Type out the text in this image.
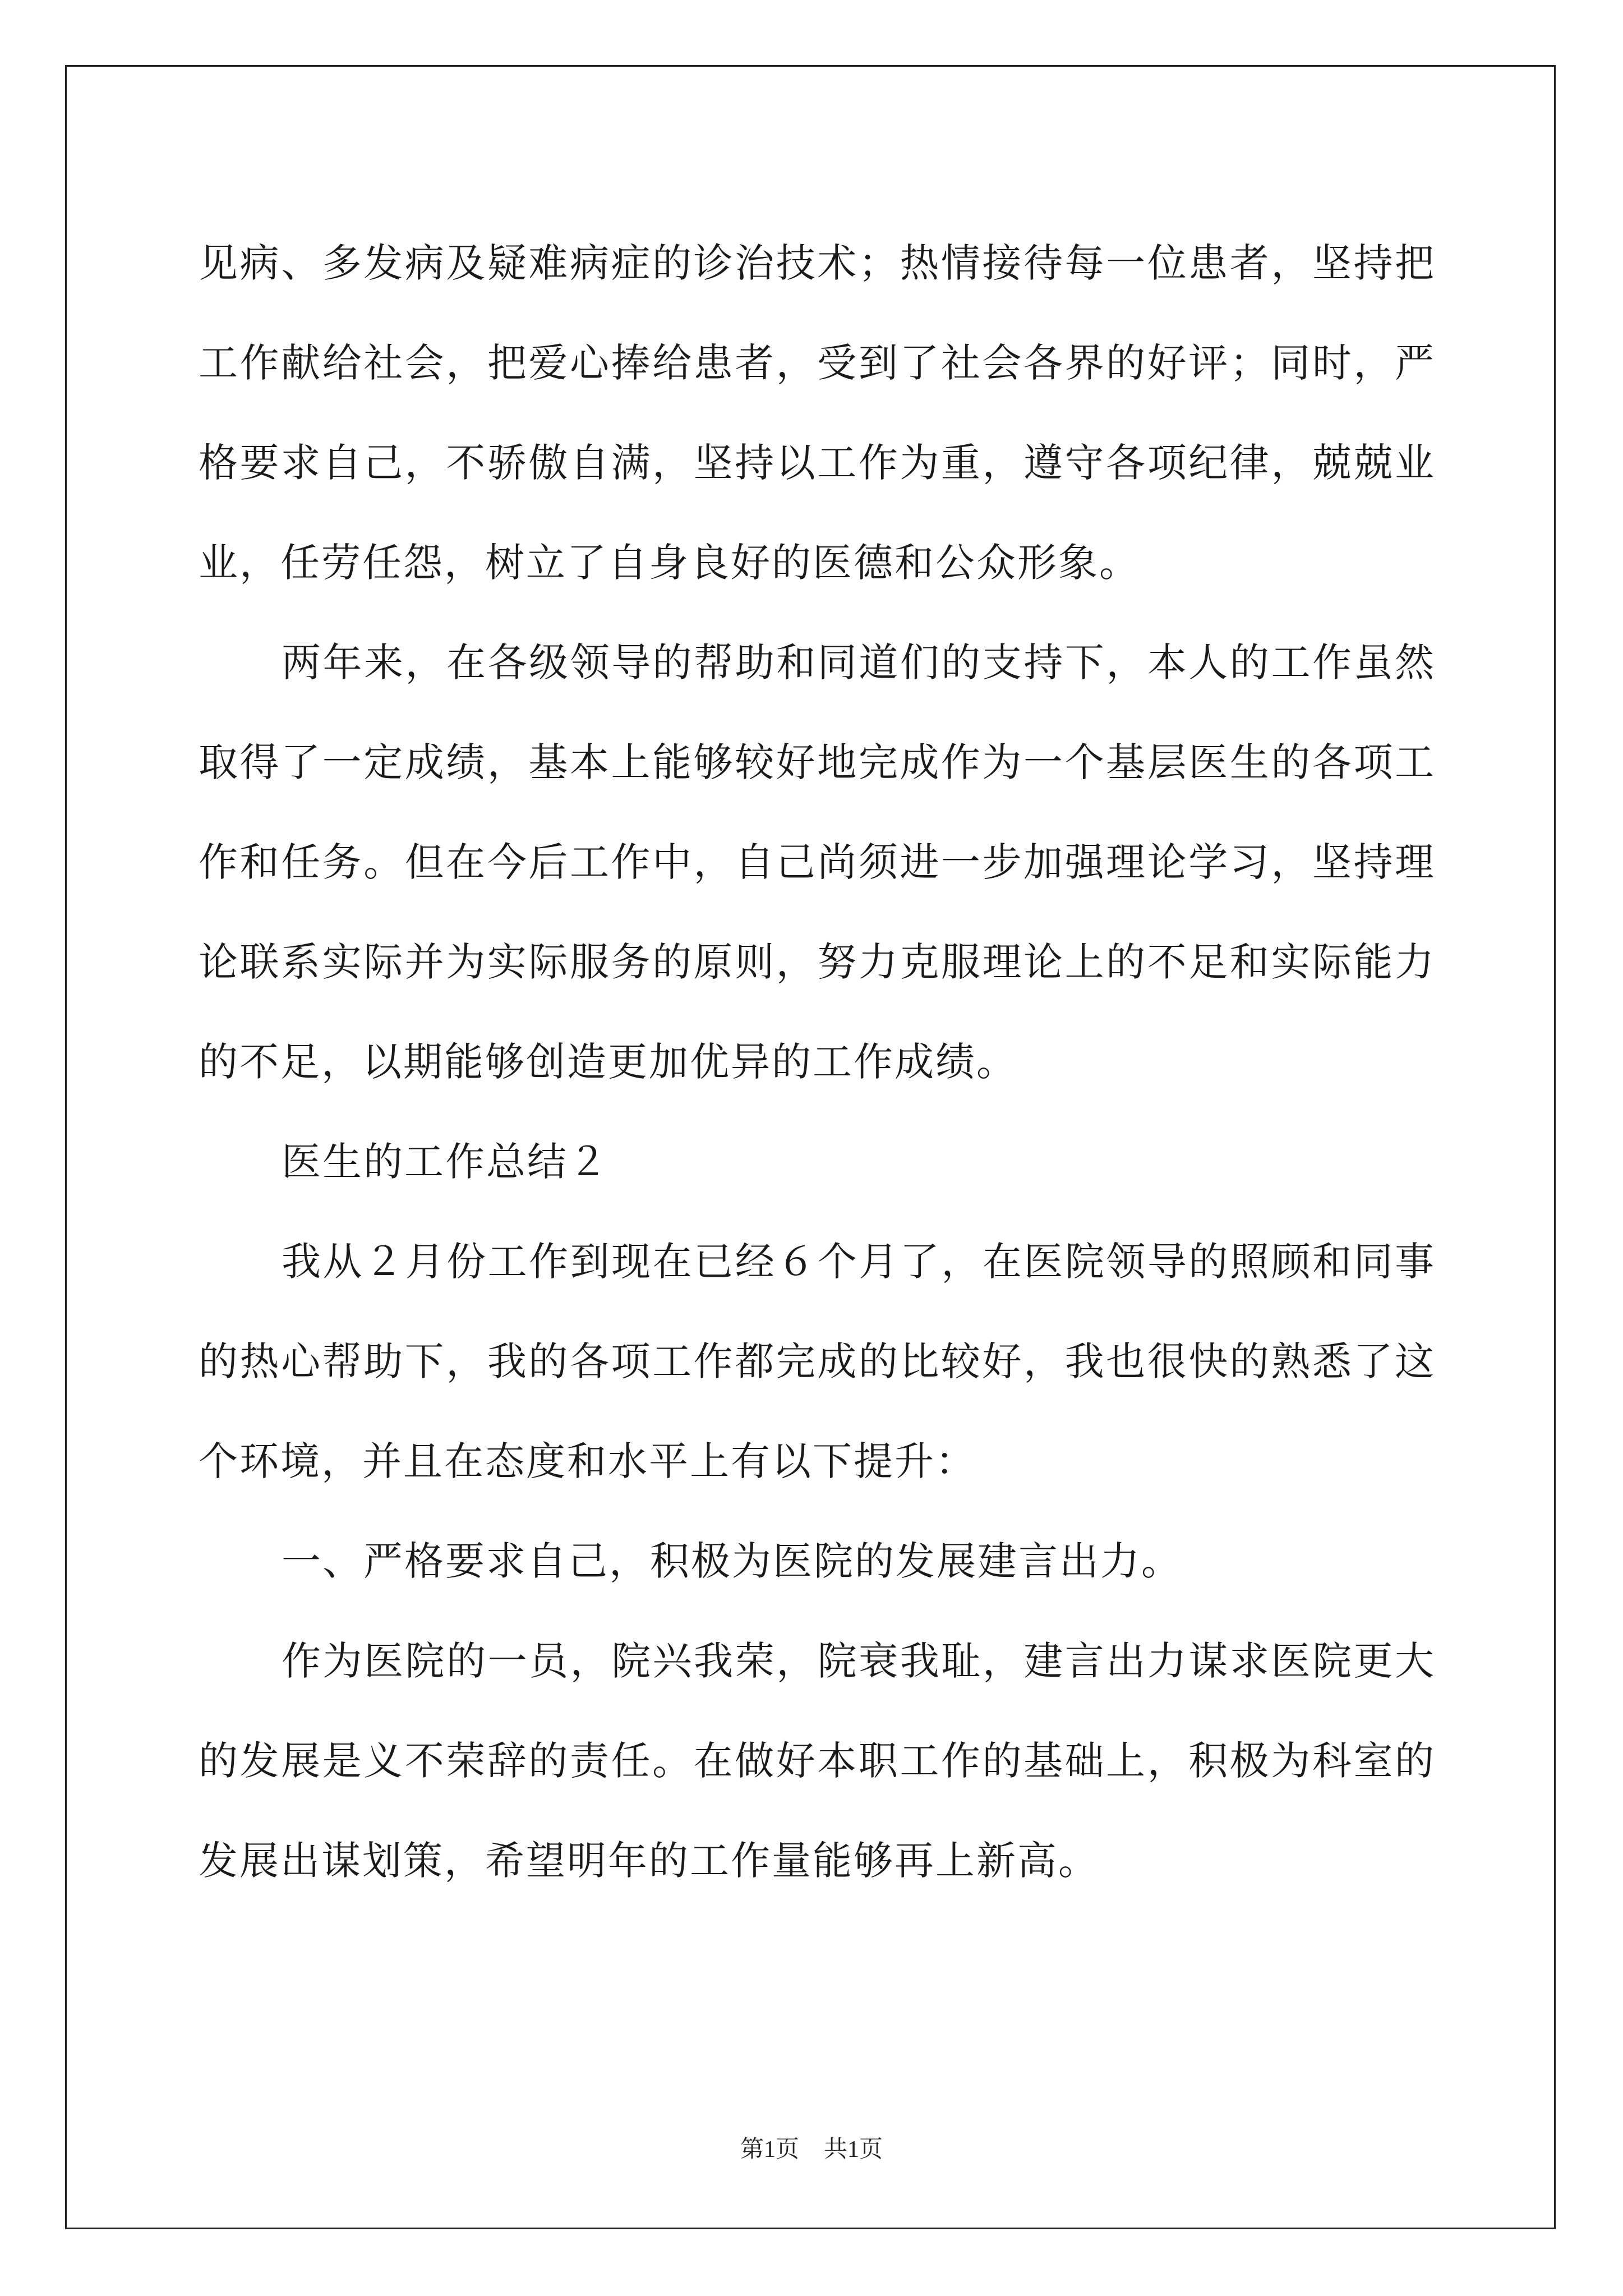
见病、多发病及疑难病症的诊治技术；热情接待每一位患者，坚持把工作献给社会，把爱心捧给患者，受到了社会各界的好评；同时，严格要求自己，不骄傲自满，坚持以工作为重，遵守各项纪律，兢兢业业，任劳任怨，树立了自身良好的医德和公众形象。

两年来，在各级领导的帮助和同道们的支持下，本人的工作虽然取得了一定成绩，基本上能够较好地完成作为一个基层医生的各项工作和任务。但在今后工作中，自己尚须进一步加强理论学习，坚持理论联系实际并为实际服务的原则，努力克服理论上的不足和实际能力的不足，以期能够创造更加优异的工作成绩。

医生的工作总结２

我从２月份工作到现在已经６个月了，在医院领导的照顾和同事的热心帮助下，我的各项工作都完成的比较好，我也很快的熟悉了这个环境，并且在态度和水平上有以下提升：

一、严格要求自己，积极为医院的发展建言出力。

作为医院的一员，院兴我荣，院衰我耻，建言出力谋求医院更大的发展是义不荣辞的责任。在做好本职工作的基础上，积极为科室的发展出谋划策，希望明年的工作量能够再上新高。

第1页 共1页
